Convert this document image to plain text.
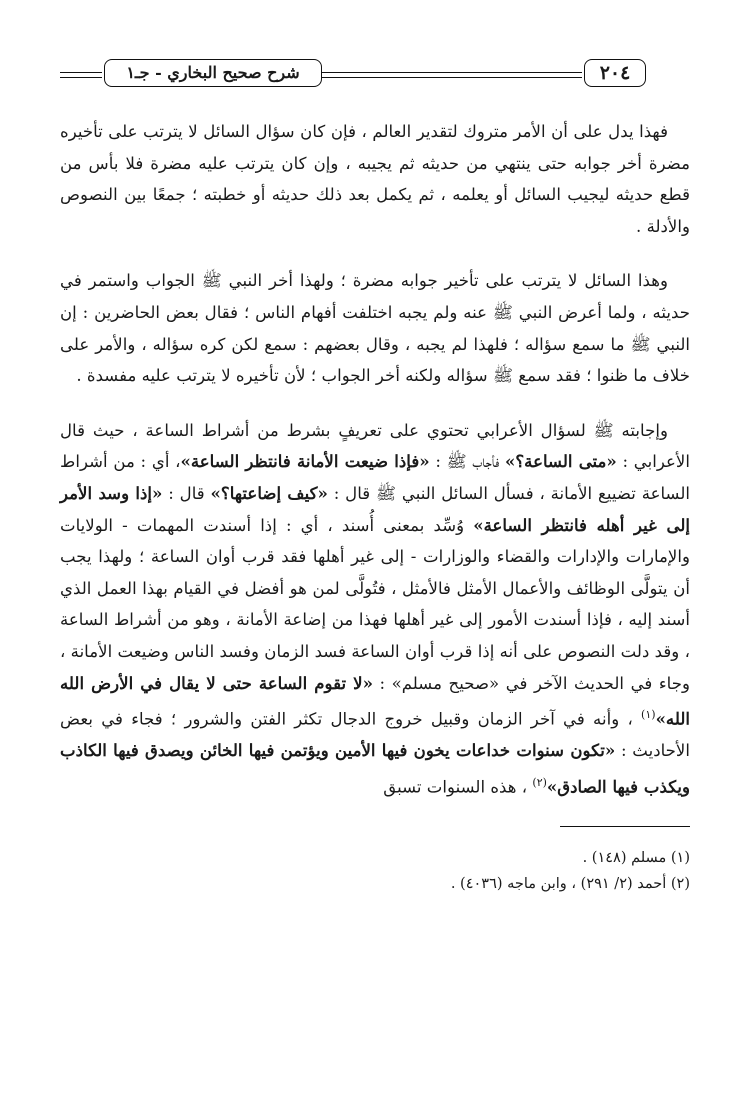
شرح صحيح البخاري - جـ١	٢٠٤

فهذا يدل على أن الأمر متروك لتقدير العالم ، فإن كان سؤال السائل لا يترتب على تأخيره مضرة أخر جوابه حتى ينتهي من حديثه ثم يجيبه ، وإن كان يترتب عليه مضرة فلا بأس من قطع حديثه ليجيب السائل أو يعلمه ، ثم يكمل بعد ذلك حديثه أو خطبته ؛ جمعًا بين النصوص والأدلة .

وهذا السائل لا يترتب على تأخير جوابه مضرة ؛ ولهذا أخر النبي ﷺ الجواب واستمر في حديثه ، ولما أعرض النبي ﷺ عنه ولم يجبه اختلفت أفهام الناس ؛ فقال بعض الحاضرين : إن النبي ﷺ ما سمع سؤاله ؛ فلهذا لم يجبه ، وقال بعضهم : سمع لكن كره سؤاله ، والأمر على خلاف ما ظنوا ؛ فقد سمع ﷺ سؤاله ولكنه أخر الجواب ؛ لأن تأخيره لا يترتب عليه مفسدة .

وإجابته ﷺ لسؤال الأعرابي تحتوي على تعريفٍ بشرط من أشراط الساعة ، حيث قال الأعرابي : «متى الساعة؟» فأجاب ﷺ : «فإذا ضيعت الأمانة فانتظر الساعة»، أي : من أشراط الساعة تضييع الأمانة ، فسأل السائل النبي ﷺ قال : «كيف إضاعتها؟» قال : «إذا وسد الأمر إلى غير أهله فانتظر الساعة» وُسِّد بمعنى أُسند ، أي : إذا أسندت المهمات - الولايات والإمارات والإدارات والقضاء والوزارات - إلى غير أهلها فقد قرب أوان الساعة ؛ ولهذا يجب أن يتولَّى الوظائف والأعمال الأمثل فالأمثل ، فتُولَّى لمن هو أفضل في القيام بهذا العمل الذي أسند إليه ، فإذا أسندت الأمور إلى غير أهلها فهذا من إضاعة الأمانة ، وهو من أشراط الساعة ، وقد دلت النصوص على أنه إذا قرب أوان الساعة فسد الزمان وفسد الناس وضيعت الأمانة ، وجاء في الحديث الآخر في «صحيح مسلم» : «لا تقوم الساعة حتى لا يقال في الأرض الله الله»$^{(١)}$ ، وأنه في آخر الزمان وقبيل خروج الدجال تكثر الفتن والشرور ؛ فجاء في بعض الأحاديث : «تكون سنوات خداعات يخون فيها الأمين ويؤتمن فيها الخائن ويصدق فيها الكاذب ويكذب فيها الصادق»$^{(٢)}$ ، هذه السنوات تسبق

(١) مسلم (١٤٨) .
(٢) أحمد (٢/ ٢٩١) ، وابن ماجه (٤٠٣٦) .
